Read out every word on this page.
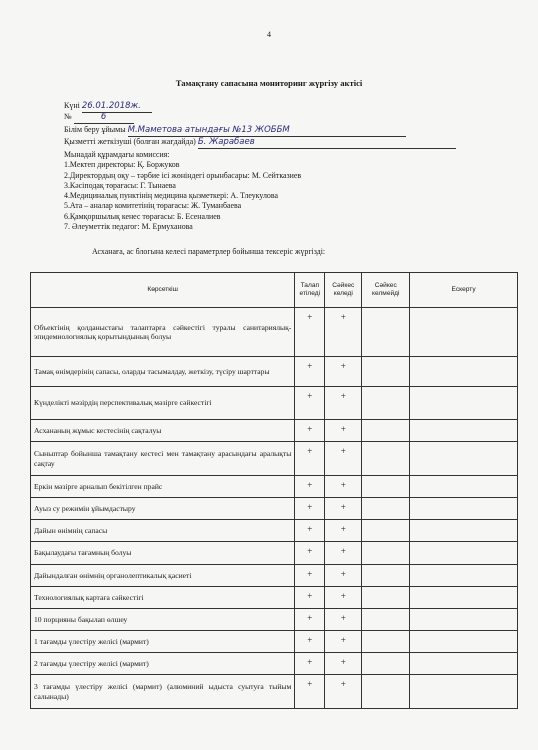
4
Тамақтану сапасына мониторинг жүргізу актісі
Күні 26.01.2018ж.
№	6
Білім беру ұйымы М.Маметова атындағы №13 ЖОББМ
Қызметті жеткізуші (болған жағдайда) Б. Жарабаев
Мынадай құрамдағы комиссия:
1.Мектеп директоры: Қ. Боржуков
2.Директордың оқу – тәрбие ісі жөніндегі орынбасары: М. Сейтказиев
3.Кәсіподақ төрағасы: Г. Тынаева
4.Медициналық пунктінің медицина қызметкері: А. Тлеукулова
5.Ата – аналар комитетінің төрағасы: Ж. Туманбаева
6.Қамқоршылық кенес төрағасы: Б. Есеналиев
7. Әлеуметтік педагог: М. Ермуханова
Асханаға, ас блогына келесі параметрлер бойынша тексеріс жүргізді:
Көрсеткіш	Талап етіледі	Сәйкес келеді	Сәйкес келмейді	Ескерту
Объектінің қолданыстағы талаптарға сәйкестігі туралы санитариялық-эпидемиологиялық қорытындының болуы	+	+		
Тамақ өнімдерінің сапасы, оларды тасымалдау, жеткізу, түсіру шарттары	+	+		
Күнделікті мәзірдің перспективалық мәзірге сәйкестігі	+	+		
Асхананың жұмыс кестесінің сақталуы	+	+		
Сыныптар бойынша тамақтану кестесі мен тамақтану арасындағы аралықты сақтау	+	+		
Еркін мәзірге арналып бекітілген прайс	+	+		
Ауыз су режимін ұйымдастыру	+	+		
Дайын өнімнің сапасы	+	+		
Бақылаудағы тағамның болуы	+	+		
Дайындалған өнімнің органолептикалық қасиеті	+	+		
Технологиялық картаға сәйкестігі	+	+		
10 порцияны бақылап өлшеу	+	+		
1 тағамды үлестіру желісі (мармит)	+	+		
2 тағамды үлестіру желісі (мармит)	+	+		
3 тағамды үлестіру желісі (мармит) (алюминий ыдыста суытуға тыйым салынады)	+	+		
